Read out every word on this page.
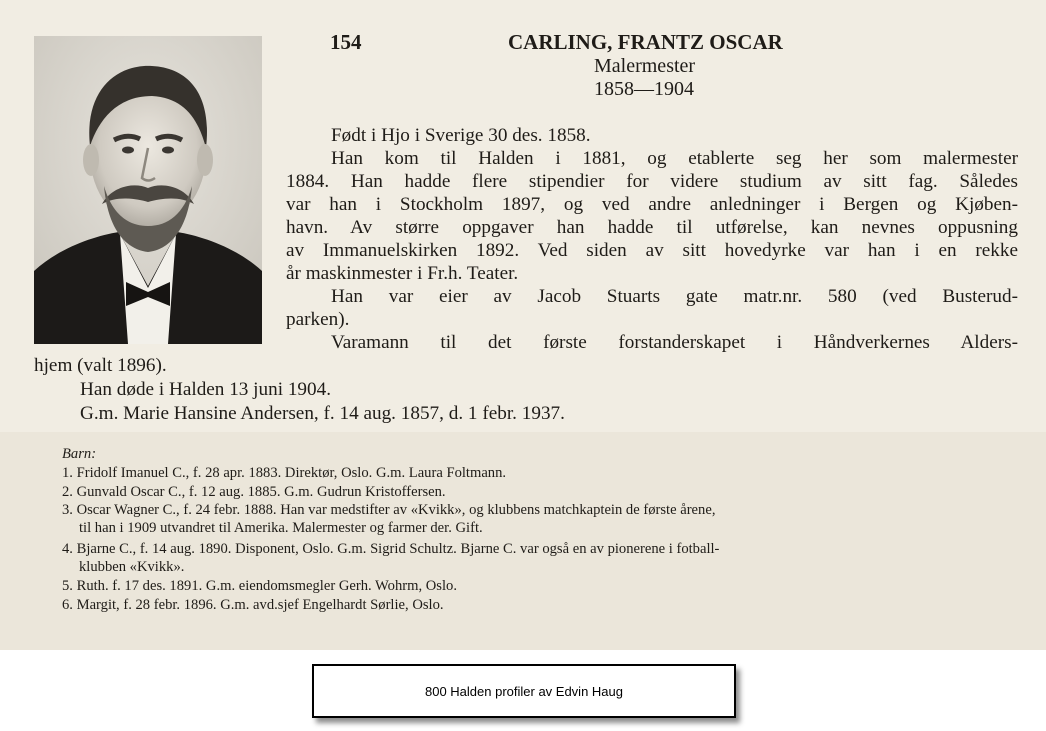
154	CARLING, FRANTZ OSCAR
Malermester
1858—1904
Født i Hjo i Sverige 30 des. 1858.
Han kom til Halden i 1881, og etablerte seg her som malermester
1884. Han hadde flere stipendier for videre studium av sitt fag. Således
var han i Stockholm 1897, og ved andre anledninger i Bergen og Kjøben-
havn. Av større oppgaver han hadde til utførelse, kan nevnes oppusning
av Immanuelskirken 1892. Ved siden av sitt hovedyrke var han i en rekke
år maskinmester i Fr.h. Teater.
Han var eier av Jacob Stuarts gate matr.nr. 580 (ved Busterud-
parken).
Varamann til det første forstanderskapet i Håndverkernes Alders-
hjem (valt 1896).
Han døde i Halden 13 juni 1904.
G.m. Marie Hansine Andersen, f. 14 aug. 1857, d. 1 febr. 1937.
Barn:
1. Fridolf Imanuel C., f. 28 apr. 1883. Direktør, Oslo. G.m. Laura Foltmann.
2. Gunvald Oscar C., f. 12 aug. 1885. G.m. Gudrun Kristoffersen.
3. Oscar Wagner C., f. 24 febr. 1888. Han var medstifter av «Kvikk», og klubbens matchkaptein de første årene,
til han i 1909 utvandret til Amerika. Malermester og farmer der. Gift.
4. Bjarne C., f. 14 aug. 1890. Disponent, Oslo. G.m. Sigrid Schultz. Bjarne C. var også en av pionerene i fotball-
klubben «Kvikk».
5. Ruth. f. 17 des. 1891. G.m. eiendomsmegler Gerh. Wohrm, Oslo.
6. Margit, f. 28 febr. 1896. G.m. avd.sjef Engelhardt Sørlie, Oslo.
800 Halden profiler av Edvin Haug
